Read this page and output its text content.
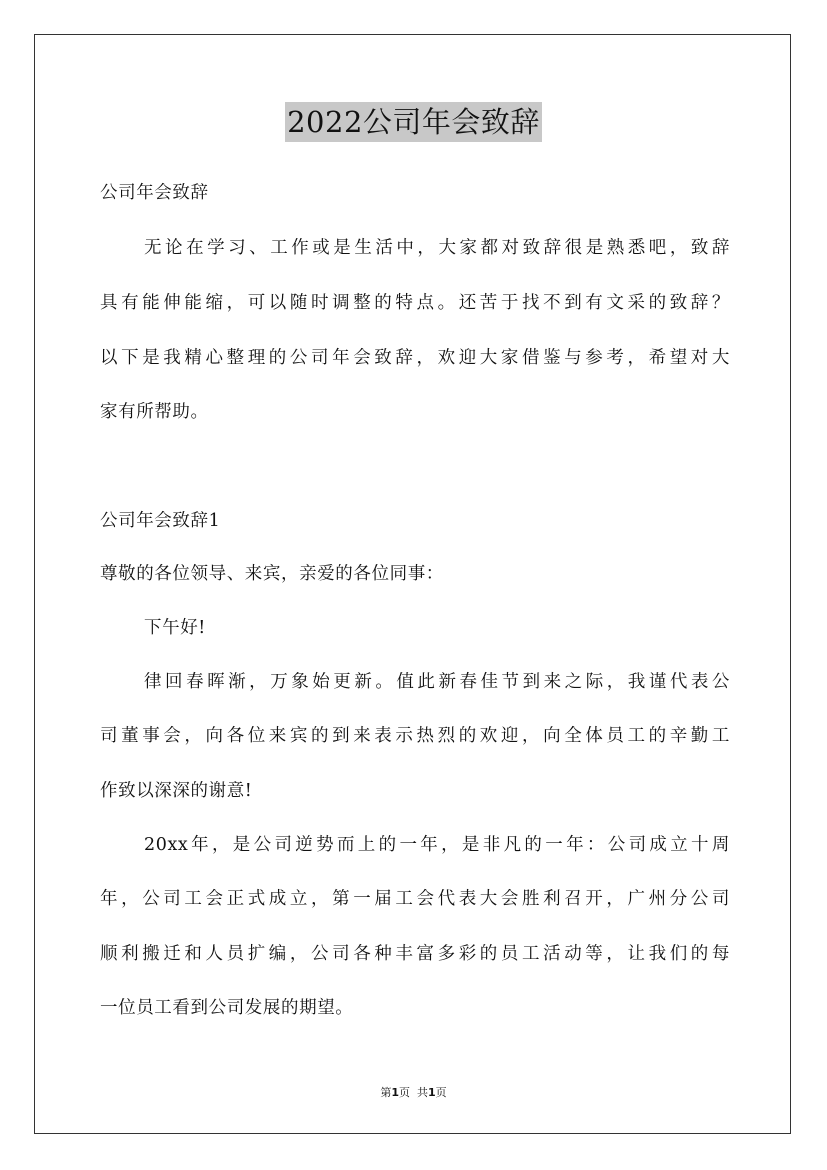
2022公司年会致辞
公司年会致辞
无论在学习、工作或是生活中，大家都对致辞很是熟悉吧，致辞
具有能伸能缩，可以随时调整的特点。还苦于找不到有文采的致辞？
以下是我精心整理的公司年会致辞，欢迎大家借鉴与参考，希望对大
家有所帮助。
公司年会致辞1
尊敬的各位领导、来宾，亲爱的各位同事：
下午好!
律回春晖渐，万象始更新。值此新春佳节到来之际，我谨代表公
司董事会，向各位来宾的到来表示热烈的欢迎，向全体员工的辛勤工
作致以深深的谢意!
20xx年，是公司逆势而上的一年，是非凡的一年：公司成立十周
年，公司工会正式成立，第一届工会代表大会胜利召开，广州分公司
顺利搬迁和人员扩编，公司各种丰富多彩的员工活动等，让我们的每
一位员工看到公司发展的期望。
第1页 共1页
